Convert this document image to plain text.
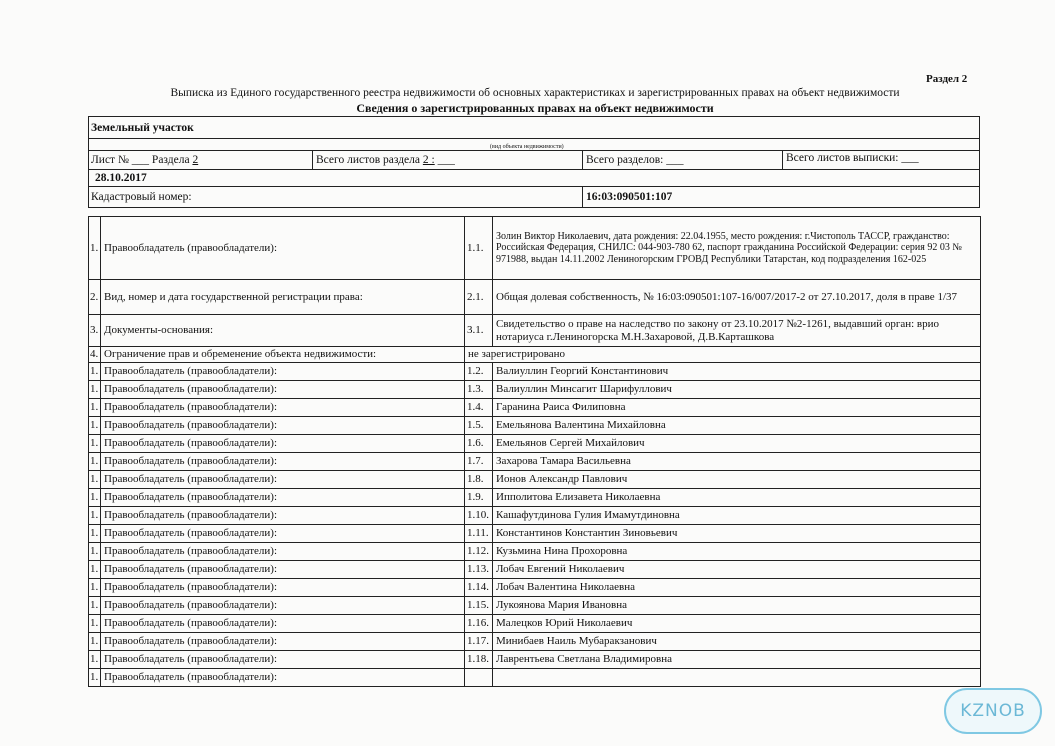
Раздел 2
Выписка из Единого государственного реестра недвижимости об основных характеристиках и зарегистрированных правах на объект недвижимости
Сведения о зарегистрированных правах на объект недвижимости
Земельный участок
(вид объекта недвижимости)
Лист № ___ Раздела 2	Всего листов раздела 2 : ___	Всего разделов: ___	Всего листов выписки: ___
28.10.2017
Кадастровый номер:	16:03:090501:107
1.	Правообладатель (правообладатели):	1.1.	Золин Виктор Николаевич, дата рождения: 22.04.1955, место рождения: г.Чистополь ТАССР, гражданство: Российская Федерация, СНИЛС: 044-903-780 62, паспорт гражданина Российской Федерации: серия 92 03 № 971988, выдан 14.11.2002 Лениногорским ГРОВД Республики Татарстан, код подразделения 162-025
2.	Вид, номер и дата государственной регистрации права:	2.1.	Общая долевая собственность, № 16:03:090501:107-16/007/2017-2 от 27.10.2017, доля в праве 1/37
3.	Документы-основания:	3.1.	Свидетельство о праве на наследство по закону от 23.10.2017 №2-1261, выдавший орган: врио нотариуса г.Лениногорска М.Н.Захаровой, Д.В.Карташкова
4.	Ограничение прав и обременение объекта недвижимости:	не зарегистрировано	
1.	Правообладатель (правообладатели):	1.2.	Валиуллин Георгий Константинович
1.	Правообладатель (правообладатели):	1.3.	Валиуллин Минсагит Шарифуллович
1.	Правообладатель (правообладатели):	1.4.	Гаранина Раиса Филиповна
1.	Правообладатель (правообладатели):	1.5.	Емельянова Валентина Михайловна
1.	Правообладатель (правообладатели):	1.6.	Емельянов Сергей Михайлович
1.	Правообладатель (правообладатели):	1.7.	Захарова Тамара Васильевна
1.	Правообладатель (правообладатели):	1.8.	Ионов Александр Павлович
1.	Правообладатель (правообладатели):	1.9.	Ипполитова Елизавета Николаевна
1.	Правообладатель (правообладатели):	1.10.	Кашафутдинова Гулия Имамутдиновна
1.	Правообладатель (правообладатели):	1.11.	Константинов Константин Зиновьевич
1.	Правообладатель (правообладатели):	1.12.	Кузьмина Нина Прохоровна
1.	Правообладатель (правообладатели):	1.13.	Лобач Евгений Николаевич
1.	Правообладатель (правообладатели):	1.14.	Лобач Валентина Николаевна
1.	Правообладатель (правообладатели):	1.15.	Лукоянова Мария Ивановна
1.	Правообладатель (правообладатели):	1.16.	Малецков Юрий Николаевич
1.	Правообладатель (правообладатели):	1.17.	Минибаев Наиль Мубаракзанович
1.	Правообладатель (правообладатели):	1.18.	Лаврентьева Светлана Владимировна
1.	Правообладатель (правообладатели):		
KZNOB
